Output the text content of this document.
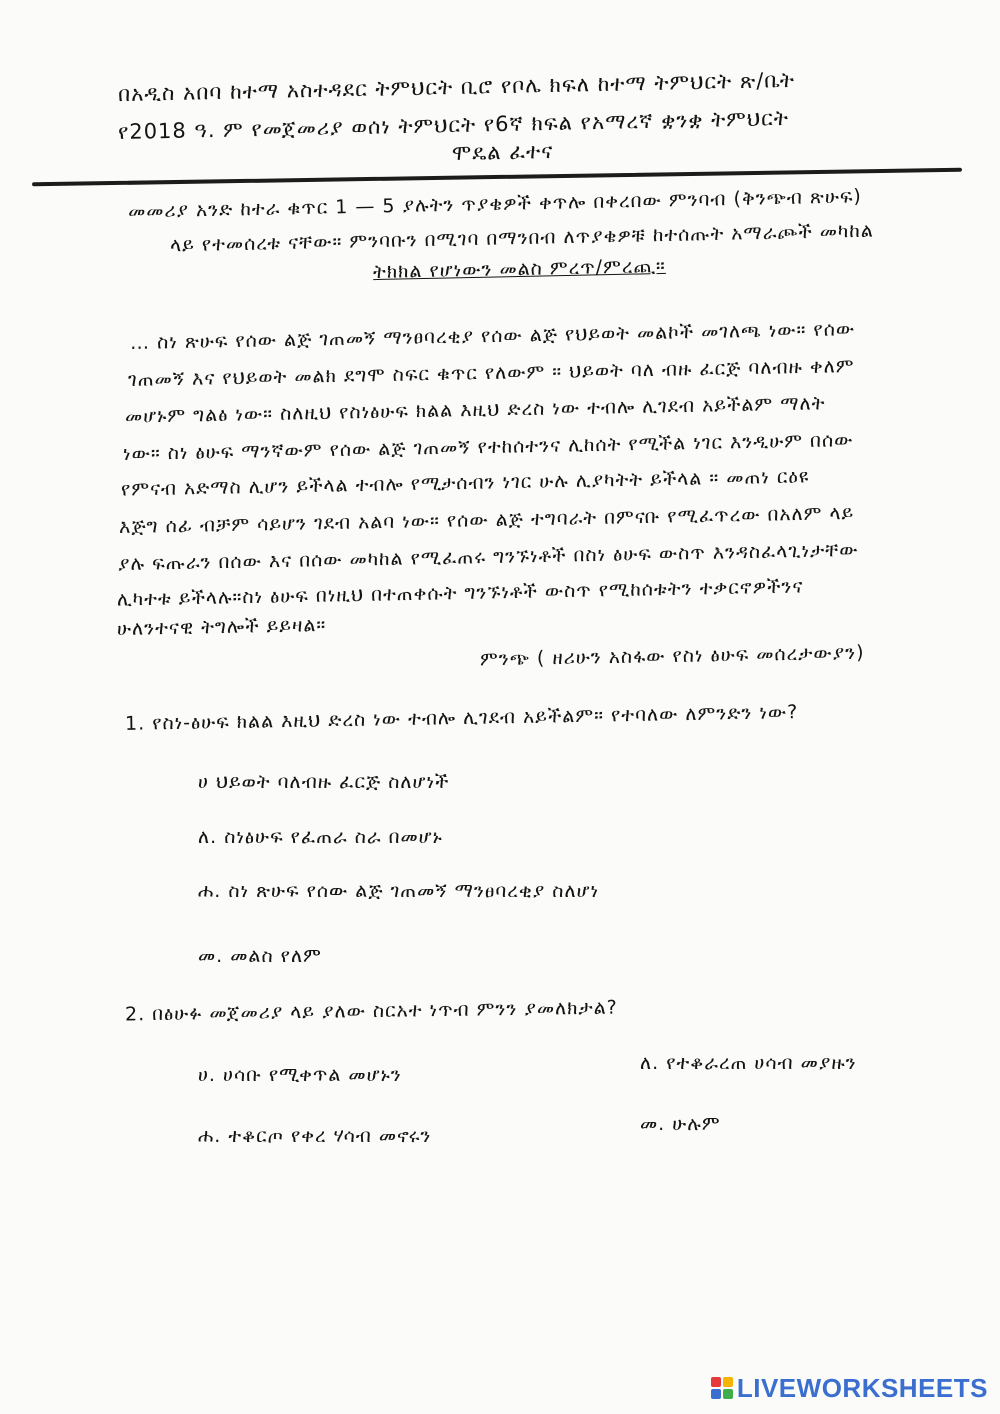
በአዲስ አበባ ከተማ አስተዳደር ትምህርት ቢሮ የቦሌ ክፍለ ከተማ ትምህርት ጽ/ቤት
የ2018 ዓ. ም የመጀመሪያ ወሰነ ትምህርት የ6ኛ ክፍል የአማረኛ ቋንቋ ትምህርት
ሞዴል ፈተና
መመሪያ አንድ ከተራ ቁጥር 1 — 5 ያሉትን ጥያቄዎች ቀጥሎ በቀረበው ምንባብ (ቅንጭብ ጽሁፍ)
ላይ የተመሰረቱ ናቸው። ምንባቡን በሚገባ በማንበብ ለጥያቄዎቹ ከተሰጡት አማራጮች መካከል
ትክክል የሆነውን መልስ ምረጥ/ምረጪ።
… ስነ ጽሁፍ የሰው ልጅ ገጠመኝ ማንፀባረቂያ የሰው ልጅ የህይወት መልኮች መገለጫ ነው። የሰው
ገጠመኝ እና የህይወት መልክ ደግሞ ስፍር ቁጥር የለውም ። ህይወት ባለ ብዙ ፈርጅ ባለብዙ ቀለም
መሆኑም ግልፅ ነው። ስለዚህ የስነፅሁፍ ክልል እዚህ ድረስ ነው ተብሎ ሊገደብ አይችልም ማለት
ነው። ስነ ፅሁፍ ማንኛውም የሰው ልጅ ገጠመኝ የተከሰተንና ሊከሰት የሚችል ነገር እንዲሁም በሰው
የምናብ አድማስ ሊሆን ይችላል ተብሎ የሚታሰብን ነገር ሁሉ ሊያካትት ይችላል ። መጠነ ርዕዩ
እጅግ ሰፊ ብቻም ሳይሆን ገደብ አልባ ነው። የሰው ልጅ ተግባራት በምናቡ የሚፈጥረው በአለም ላይ
ያሉ ፍጡራን በሰው እና በሰው መካከል የሚፈጠሩ ግንኙነቶች በስነ ፅሁፍ ውስጥ እንዳስፈላጊነታቸው
ሊካተቱ ይችላሉ።ስነ ፅሁፍ በነዚህ በተጠቀሱት ግንኙነቶች ውስጥ የሚከሰቱትን ተቃርኖዎችንና
ሁለንተናዊ ትግሎች ይይዛል።
ምንጭ ( ዘሪሁን አስፋው የስነ ፅሁፍ መሰረታውያን)
1. የስነ-ፅሁፍ ክልል እዚህ ድረስ ነው ተብሎ ሊገደብ አይችልም። የተባለው ለምንድን ነው?
ሀ ህይወት ባለብዙ ፈርጅ ስለሆነች
ለ. ስነፅሁፍ የፈጠራ ስራ በመሆኑ
ሐ. ስነ ጽሁፍ የሰው ልጅ ገጠመኝ ማንፀባረቂያ ስለሆነ
መ. መልስ የለም
2. በፅሁፉ መጀመሪያ ላይ ያለው ስርአተ ነጥብ ምንን ያመለክታል?
ሀ. ሀሳቡ የሚቀጥል መሆኑን
ለ. የተቆራረጠ ሀሳብ መያዙን
ሐ. ተቆርጦ የቀረ ሃሳብ መኖሩን
መ. ሁሉም
LIVEWORKSHEETS
